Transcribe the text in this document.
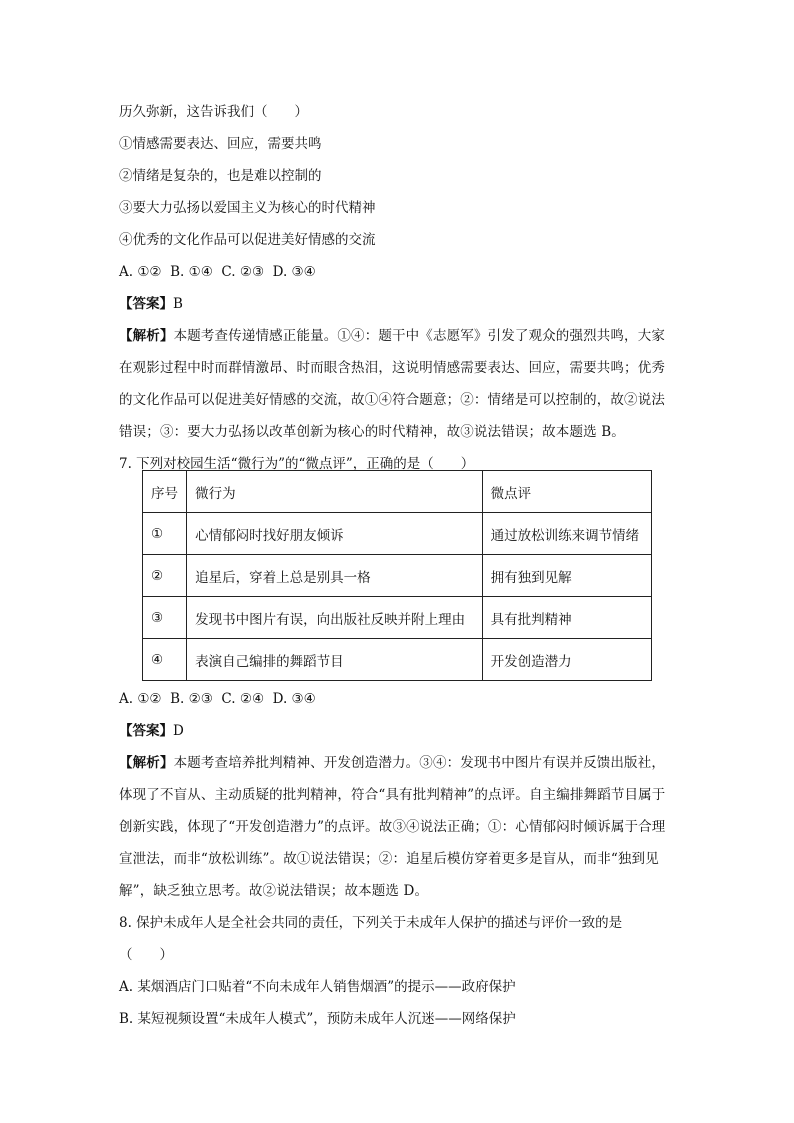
历久弥新，这告诉我们（　　）
①情感需要表达、回应，需要共鸣
②情绪是复杂的，也是难以控制的
③要大力弘扬以爱国主义为核心的时代精神
④优秀的文化作品可以促进美好情感的交流
A. ①②  B. ①④  C. ②③  D. ③④
【答案】B
【解析】本题考查传递情感正能量。①④：题干中《志愿军》引发了观众的强烈共鸣，大家
在观影过程中时而群情激昂、时而眼含热泪，这说明情感需要表达、回应，需要共鸣；优秀
的文化作品可以促进美好情感的交流，故①④符合题意；②：情绪是可以控制的，故②说法
错误；③：要大力弘扬以改革创新为核心的时代精神，故③说法错误；故本题选 B。
7. 下列对校园生活“微行为”的“微点评”，正确的是（　　）
序号	微行为	微点评
①	心情郁闷时找好朋友倾诉	通过放松训练来调节情绪
②	追星后，穿着上总是别具一格	拥有独到见解
③	发现书中图片有误，向出版社反映并附上理由	具有批判精神
④	表演自己编排的舞蹈节目	开发创造潜力
A. ①②  B. ②③  C. ②④  D. ③④
【答案】D
【解析】本题考查培养批判精神、开发创造潜力。③④：发现书中图片有误并反馈出版社，
体现了不盲从、主动质疑的批判精神，符合“具有批判精神”的点评。自主编排舞蹈节目属于
创新实践，体现了“开发创造潜力”的点评。故③④说法正确；①：心情郁闷时倾诉属于合理
宣泄法，而非“放松训练”。故①说法错误；②：追星后模仿穿着更多是盲从，而非“独到见
解”，缺乏独立思考。故②说法错误；故本题选 D。
8. 保护未成年人是全社会共同的责任，下列关于未成年人保护的描述与评价一致的是
（　　）
A. 某烟酒店门口贴着“不向未成年人销售烟酒”的提示——政府保护
B. 某短视频设置“未成年人模式”，预防未成年人沉迷——网络保护
